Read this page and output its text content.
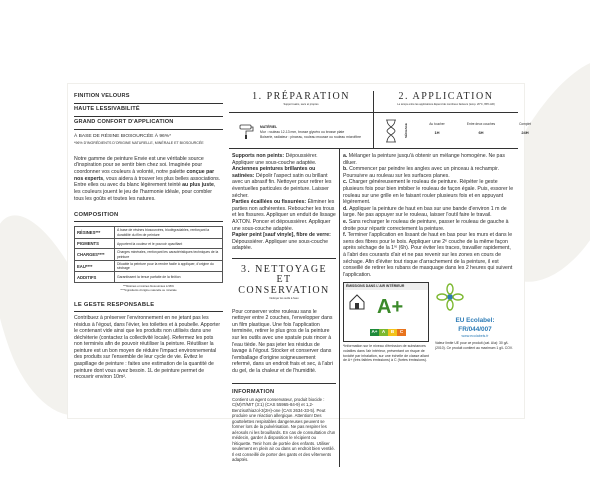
FINITION VELOURS
HAUTE LESSIVABILITÉ
GRAND CONFORT D'APPLICATION
À BASE DE RÉSINE BIOSOURCÉE À 96%*
*96% D'INGRÉDIENTS D'ORIGINE NATURELLE, MINÉRALE ET BIOSOURCÉE
Notre gamme de peinture Envie est une véritable source d'inspiration pour se sentir bien chez soi. Imaginée pour coordonner vos couleurs à volonté, notre palette conçue par nos experts, vous aidera à trouver les plus belles associations. Entre elles ou avec du blanc légèrement teinté au plus juste, les couleurs jouent le jeu de l'harmonie idéale, pour combler tous les goûts et toutes les natures.
COMPOSITION
RÉSINES***	À base de résines biosourcées, biodégradables, renforçant la durabilité du film de peinture
PIGMENTS	Apportent la couleur et le pouvoir opacifiant
CHARGES****	Charges minérales, renforçant les caractéristiques techniques de la peinture
EAU****	Diluable la peinture pour la rendre facile à appliquer, d'origine du séchage
ADDITIFS	Garantissent la tenue parfaite de la finition
***Résines et résines biosourcées à 96%
****Ingrédients d'origine naturelle ou minérale
LE GESTE RESPONSABLE
Contribuez à préserver l'environnement en ne jetant pas les résidus à l'égout, dans l'évier, les toilettes et à poubelle. Apporter le contenant vide ainsi que les produits non utilisés dans une déchèterie (contactez la collectivité locale). Refermez les pots non terminés afin de pouvoir réutiliser la peinture. Réutiliser la peinture est un bon moyen de réduire l'impact environnemental des produits sur l'ensemble de leur cycle de vie. Évitez le gaspillage de peinture : faites une estimation de la quantité de peinture dont vous avez besoin. 1L de peinture permet de recouvrir environ 10m².
1. PRÉPARATION
Support sains, secs et propres
2. APPLICATION
Le temps entre les applications dépend de nombreux facteurs (temp. 20°C, 65% HR)
MATÉRIEL
Mur : rouleau 12-13 mm, brosse glycéro ou brosse plate
Boiserie, radiateur : pinceau, rouleau mousse ou rouleau microfibre	SÉCHAGE	Au toucher
1H
Entre deux couches
6H
Complet
24H
Supports non peints: Dépoussiérer. Appliquer une sous-couche adaptée.
Anciennes peintures brillantes ou satinées: Dépolir l'aspect satin ou brillant avec un abrasif fin. Nettoyer pour retirer les éventuelles particules de peinture. Laisser sécher.
Parties écaillées ou fissurées: Éliminer les parties non adhérentes. Reboucher les trous et les fissures. Appliquer un enduit de lissage AXTON. Poncer et dépoussiérer. Appliquer une sous-couche adaptée.
Papier peint [sauf vinyle], fibre de verre: Dépoussiérer. Appliquer une sous-couche adaptée.
3. NETTOYAGE
ET CONSERVATION
Nettoyer les outils à l'eau
Pour conserver votre rouleau sans le nettoyer entre 2 couches, l'envelopper dans un film plastique. Une fois l'application terminée, retirer le plus gros de la peinture sur les outils avec une spatule puis rincer à l'eau tiède. Ne pas jeter les résidus de lavage à l'égout. Stocker et conserver dans l'emballage d'origine soigneusement refermé, dans un endroit frais et sec, à l'abri du gel, de la chaleur et de l'humidité.
INFORMATION
Contient un agent conservateur, produit biocide : C(M)IT/MIT (3:1) (CAS 55965-84-9) et 1,2-Benzisothiazol-3(2H)-one (CAS 2634-33-5). Peut produire une réaction allergique. Attention! Des gouttelettes respirables dangereuses peuvent se former lors de la pulvérisation. Ne pas respirer les aérosols ni les brouillards. En cas de consultation d'un médecin, garder à disposition le récipient ou l'étiquette. Tenir hors de portée des enfants. Utiliser seulement en plein air ou dans un endroit bien ventilé. Il est conseillé de porter des gants et des vêtements adaptés.
a. Mélanger la peinture jusqu'à obtenir un mélange homogène. Ne pas diluer.
b. Commencer par peindre les angles avec un pinceau à rechampir. Poursuivre au rouleau sur les surfaces planes.
c. Charger généreusement le rouleau de peinture. Répéter le geste plusieurs fois pour bien imbiber le rouleau de façon égale. Puis, essorer le rouleau sur une grille en le faisant rouler plusieurs fois et en appuyant légèrement.
d. Appliquer la peinture de haut en bas sur une bande d'environ 1 m de large. Ne pas appuyer sur le rouleau, laisser l'outil faire le travail.
e. Sans recharger le rouleau de peinture, passer le rouleau de gauche à droite pour répartir correctement la peinture.
f. Terminer l'application en lissant de haut en bas pour les murs et dans le sens des fibres pour le bois. Appliquer une 2ᵉ couche de la même façon après séchage de la 1ʳᵉ (6h). Pour éviter les traces, travailler rapidement, à l'abri des courants d'air et ne pas revenir sur les zones en cours de séchage. Afin d'éviter tout risque d'arrachement de la peinture, il est conseillé de retirer les rubans de masquage dans les 2 heures qui suivent l'application.
ÉMISSIONS DANS L'AIR INTÉRIEUR
A+
A+ A	B	C
*Information sur le niveau d'émission de substances volatiles dans l'air intérieur, présentant un risque de toxicité par inhalation, sur une échelle de classe allant de A+ (très faibles émissions) à C (fortes émissions).
EU Ecolabel:
FR/044/007
www.ecolabels.fr
Valeur limite UE pour ce produit (cat. A/a): 30 g/L (2010). Ce produit contient au maximum 1 g/L COV.
